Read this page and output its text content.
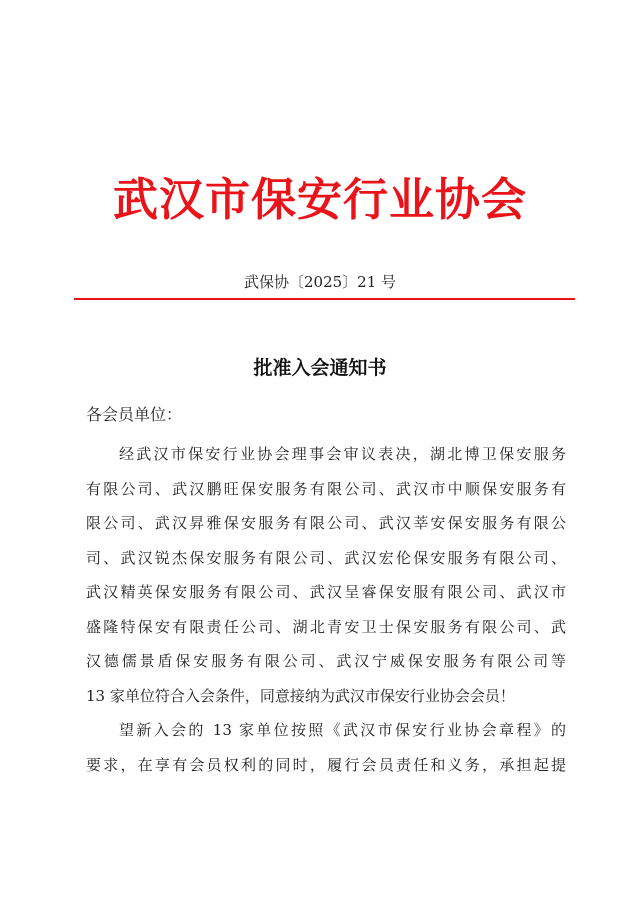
武汉市保安行业协会
武保协〔2025〕21 号
批准入会通知书
各会员单位：
经武汉市保安行业协会理事会审议表决，湖北博卫保安服务
有限公司、武汉鹏旺保安服务有限公司、武汉市中顺保安服务有
限公司、武汉昇雅保安服务有限公司、武汉莘安保安服务有限公
司、武汉锐杰保安服务有限公司、武汉宏伦保安服务有限公司、
武汉精英保安服务有限公司、武汉呈睿保安服有限公司、武汉市
盛隆特保安有限责任公司、湖北青安卫士保安服务有限公司、武
汉德儒景盾保安服务有限公司、武汉宁威保安服务有限公司等
13 家单位符合入会条件，同意接纳为武汉市保安行业协会会员！
望新入会的 13 家单位按照《武汉市保安行业协会章程》的
要求，在享有会员权利的同时，履行会员责任和义务，承担起提
